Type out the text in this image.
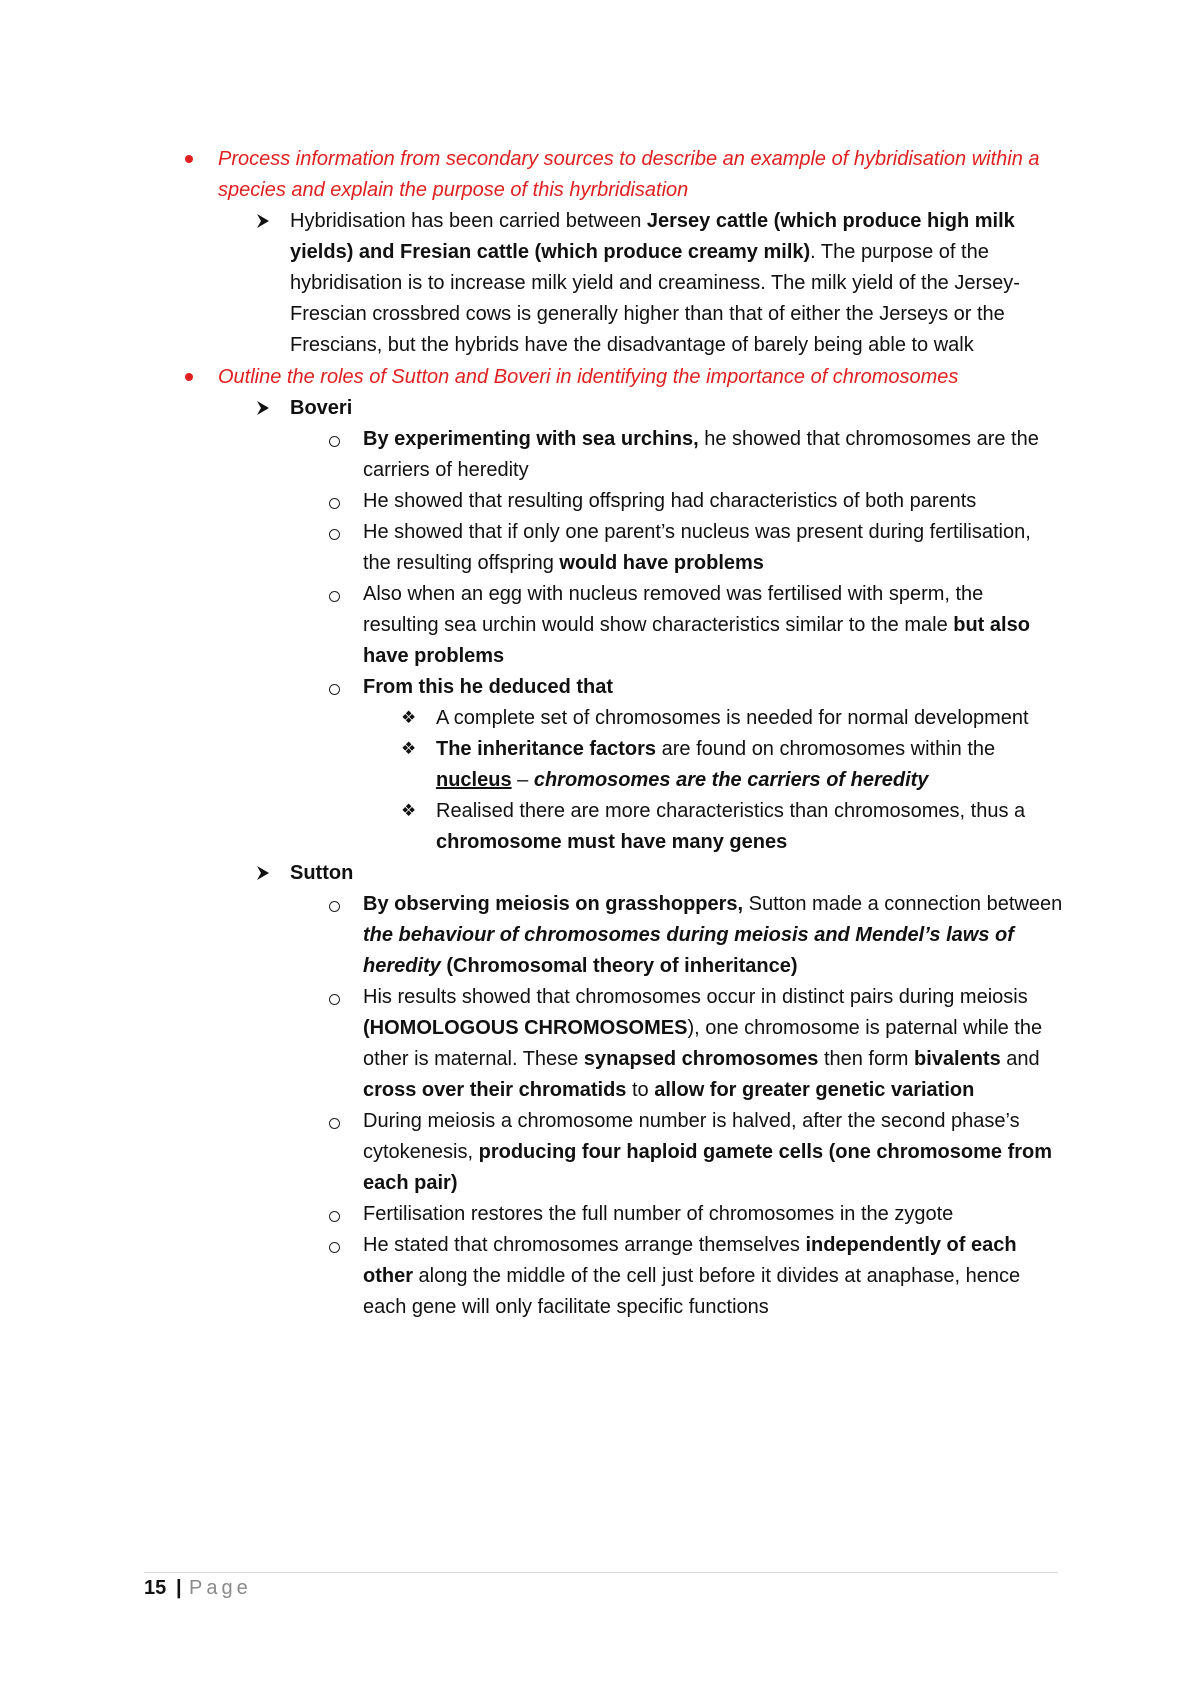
Process information from secondary sources to describe an example of hybridisation within a
species and explain the purpose of this hyrbridisation
Hybridisation has been carried between Jersey cattle (which produce high milk
yields) and Fresian cattle (which produce creamy milk). The purpose of the
hybridisation is to increase milk yield and creaminess. The milk yield of the Jersey-
Frescian crossbred cows is generally higher than that of either the Jerseys or the
Frescians, but the hybrids have the disadvantage of barely being able to walk
Outline the roles of Sutton and Boveri in identifying the importance of chromosomes
Boveri
By experimenting with sea urchins, he showed that chromosomes are the
carriers of heredity
He showed that resulting offspring had characteristics of both parents
He showed that if only one parent’s nucleus was present during fertilisation,
the resulting offspring would have problems
Also when an egg with nucleus removed was fertilised with sperm, the
resulting sea urchin would show characteristics similar to the male but also
have problems
From this he deduced that
❖ A complete set of chromosomes is needed for normal development
❖ The inheritance factors are found on chromosomes within the
nucleus – chromosomes are the carriers of heredity
❖ Realised there are more characteristics than chromosomes, thus a
chromosome must have many genes
Sutton
By observing meiosis on grasshoppers, Sutton made a connection between
the behaviour of chromosomes during meiosis and Mendel’s laws of
heredity (Chromosomal theory of inheritance)
His results showed that chromosomes occur in distinct pairs during meiosis
(HOMOLOGOUS CHROMOSOMES), one chromosome is paternal while the
other is maternal. These synapsed chromosomes then form bivalents and
cross over their chromatids to allow for greater genetic variation
During meiosis a chromosome number is halved, after the second phase’s
cytokenesis, producing four haploid gamete cells (one chromosome from
each pair)
Fertilisation restores the full number of chromosomes in the zygote
He stated that chromosomes arrange themselves independently of each
other along the middle of the cell just before it divides at anaphase, hence
each gene will only facilitate specific functions
15 | Page
